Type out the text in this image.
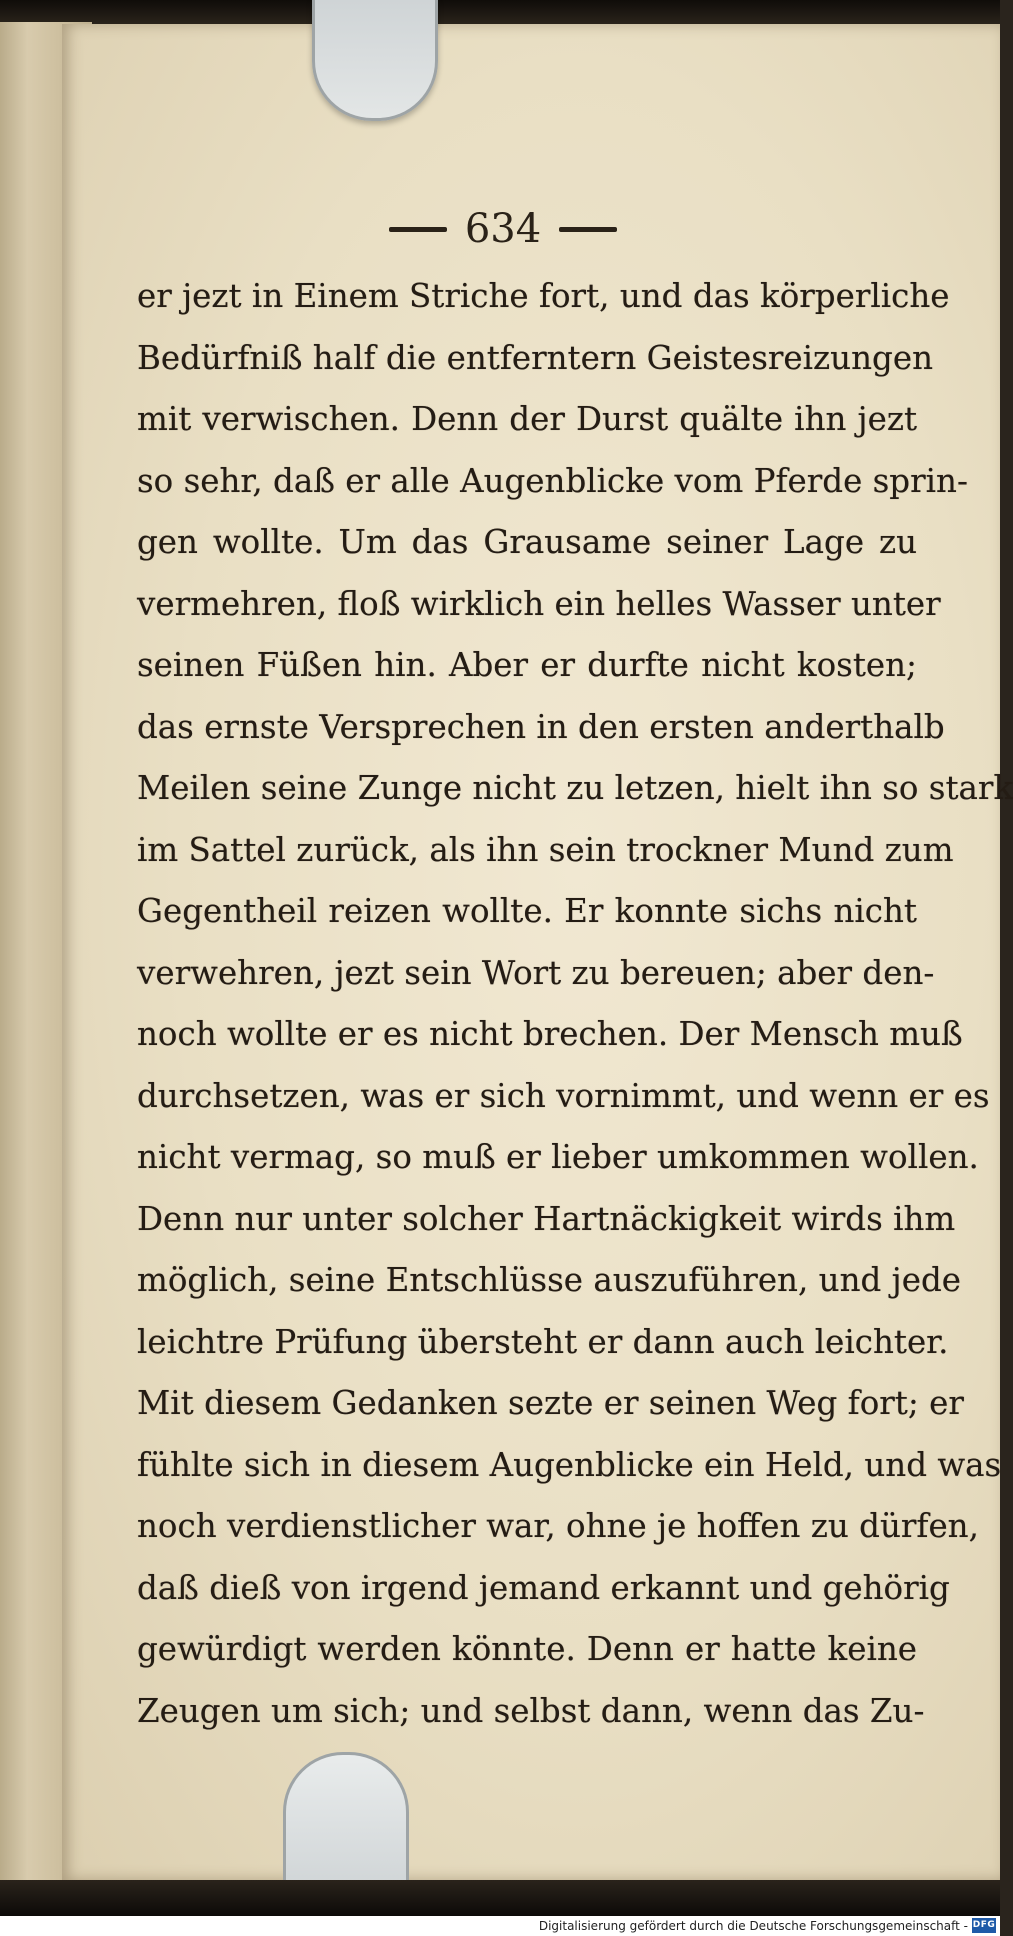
634
er jezt in Einem Striche fort, und das körperliche
Bedürfniß half die entferntern Geistesreizungen
mit verwischen. Denn der Durst quälte ihn jezt
so sehr, daß er alle Augenblicke vom Pferde sprin-
gen wollte. Um das Grausame seiner Lage zu
vermehren, floß wirklich ein helles Wasser unter
seinen Füßen hin. Aber er durfte nicht kosten;
das ernste Versprechen in den ersten anderthalb
Meilen seine Zunge nicht zu letzen, hielt ihn so stark
im Sattel zurück, als ihn sein trockner Mund zum
Gegentheil reizen wollte. Er konnte sichs nicht
verwehren, jezt sein Wort zu bereuen; aber den-
noch wollte er es nicht brechen. Der Mensch muß
durchsetzen, was er sich vornimmt, und wenn er es
nicht vermag, so muß er lieber umkommen wollen.
Denn nur unter solcher Hartnäckigkeit wirds ihm
möglich, seine Entschlüsse auszuführen, und jede
leichtre Prüfung übersteht er dann auch leichter.
Mit diesem Gedanken sezte er seinen Weg fort; er
fühlte sich in diesem Augenblicke ein Held, und was
noch verdienstlicher war, ohne je hoffen zu dürfen,
daß dieß von irgend jemand erkannt und gehörig
gewürdigt werden könnte. Denn er hatte keine
Zeugen um sich; und selbst dann, wenn das Zu-
Digitalisierung gefördert durch die Deutsche Forschungsgemeinschaft - DFG
